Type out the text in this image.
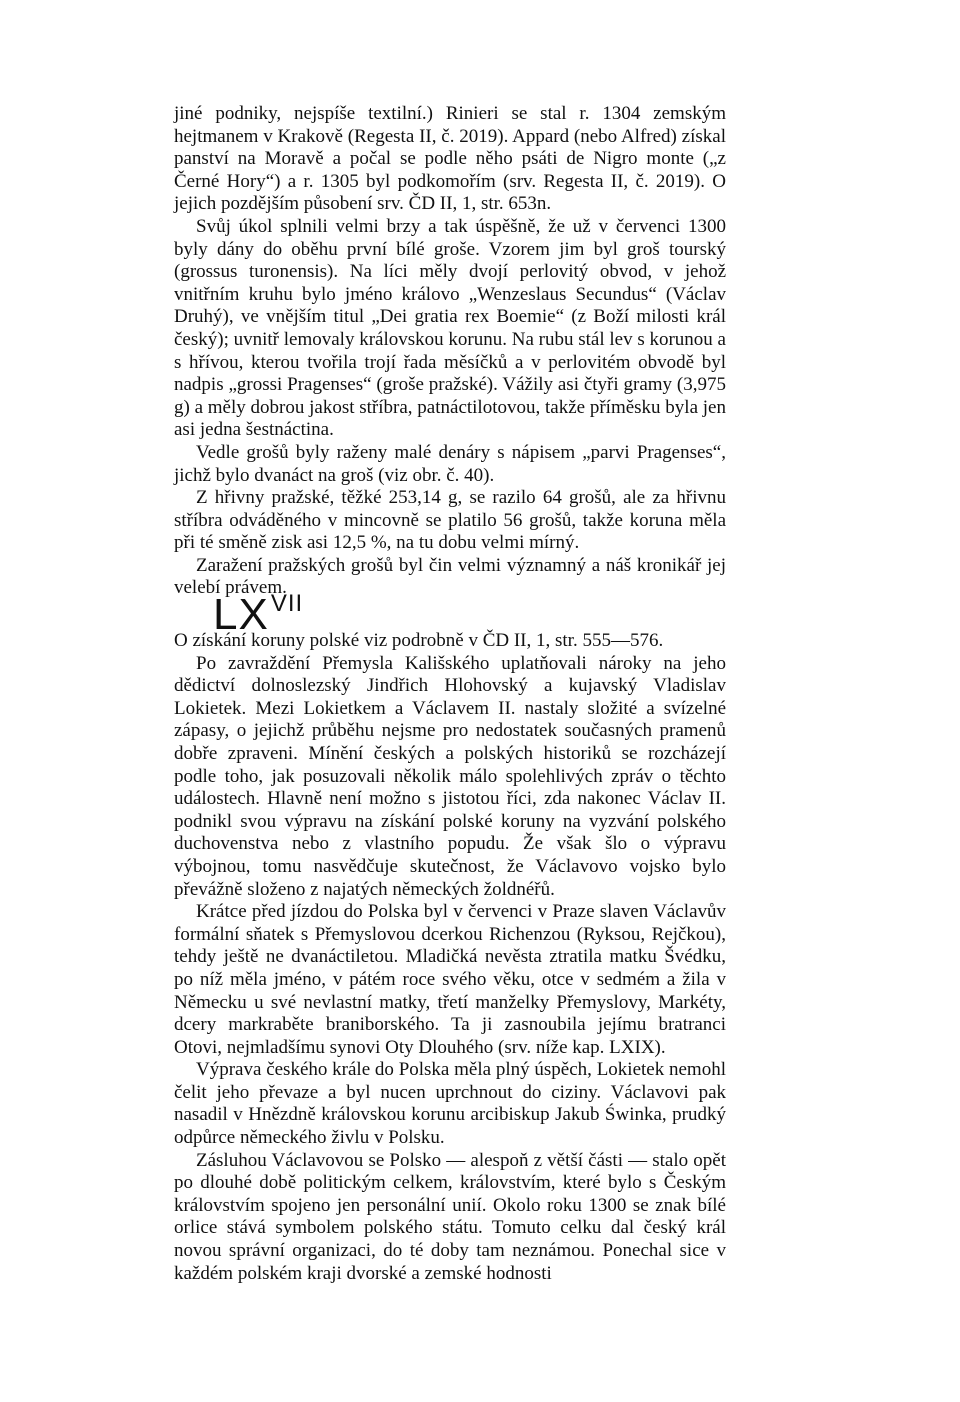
jiné podniky, nejspíše textilní.) Rinieri se stal r. 1304 zemským hejtmanem v Krakově (Regesta II, č. 2019). Appard (nebo Alfred) získal panství na Moravě a počal se podle něho psáti de Nigro monte („z Černé Hory“) a r. 1305 byl podkomořím (srv. Regesta II, č. 2019). O jejich pozdějším působení srv. ČD II, 1, str. 653n.

Svůj úkol splnili velmi brzy a tak úspěšně, že už v červenci 1300 byly dány do oběhu první bílé groše. Vzorem jim byl groš tourský (grossus turonensis). Na líci měly dvojí perlovitý obvod, v jehož vnitřním kruhu bylo jméno královo „Wenzeslaus Secundus“ (Václav Druhý), ve vnějším titul „Dei gratia rex Boemie“ (z Boží milosti král český); uvnitř lemovaly královskou korunu. Na rubu stál lev s korunou a s hřívou, kterou tvořila trojí řada měsíčků a v perlovitém obvodě byl nadpis „grossi Pragenses“ (groše pražské). Vážily asi čtyři gramy (3,975 g) a měly dobrou jakost stříbra, patnáctilotovou, takže příměsku byla jen asi jedna šestnáctina.

Vedle grošů byly raženy malé denáry s nápisem „parvi Pragenses“, jichž bylo dvanáct na groš (viz obr. č. 40).

Z hřivny pražské, těžké 253,14 g, se razilo 64 grošů, ale za hřivnu stříbra odváděného v mincovně se platilo 56 grošů, takže koruna měla při té směně zisk asi 12,5 %, na tu dobu velmi mírný.

Zaražení pražských grošů byl čin velmi významný a náš kronikář jej velebí právem.

$LX^{VII}$

O získání koruny polské viz podrobně v ČD II, 1, str. 555—576.

Po zavraždění Přemysla Kališského uplatňovali nároky na jeho dědictví dolnoslezský Jindřich Hlohovský a kujavský Vladislav Lokietek. Mezi Lokietkem a Václavem II. nastaly složité a svízelné zápasy, o jejichž průběhu nejsme pro nedostatek současných pramenů dobře zpraveni. Mínění českých a polských historiků se rozcházejí podle toho, jak posuzovali několik málo spolehlivých zpráv o těchto událostech. Hlavně není možno s jistotou říci, zda nakonec Václav II. podnikl svou výpravu na získání polské koruny na vyzvání polského duchovenstva nebo z vlastního popudu. Že však šlo o výpravu výbojnou, tomu nasvědčuje skutečnost, že Václavovo vojsko bylo převážně složeno z najatých německých žoldnéřů.

Krátce před jízdou do Polska byl v červenci v Praze slaven Václavův formální sňatek s Přemyslovou dcerkou Richenzou (Ryksou, Rejčkou), tehdy ještě ne dvanáctiletou. Mladičká nevěsta ztratila matku Švédku, po níž měla jméno, v pátém roce svého věku, otce v sedmém a žila v Německu u své nevlastní matky, třetí manželky Přemyslovy, Markéty, dcery markraběte braniborského. Ta ji zasnoubila jejímu bratranci Otovi, nejmladšímu synovi Oty Dlouhého (srv. níže kap. LXIX).

Výprava českého krále do Polska měla plný úspěch, Lokietek nemohl čelit jeho převaze a byl nucen uprchnout do ciziny. Václavovi pak nasadil v Hnězdně královskou korunu arcibiskup Jakub Świnka, prudký odpůrce německého živlu v Polsku.

Zásluhou Václavovou se Polsko — alespoň z větší části — stalo opět po dlouhé době politickým celkem, královstvím, které bylo s Českým královstvím spojeno jen personální unií. Okolo roku 1300 se znak bílé orlice stává symbolem polského státu. Tomuto celku dal český král novou správní organizaci, do té doby tam neznámou. Ponechal sice v každém polském kraji dvorské a zemské hodnosti
